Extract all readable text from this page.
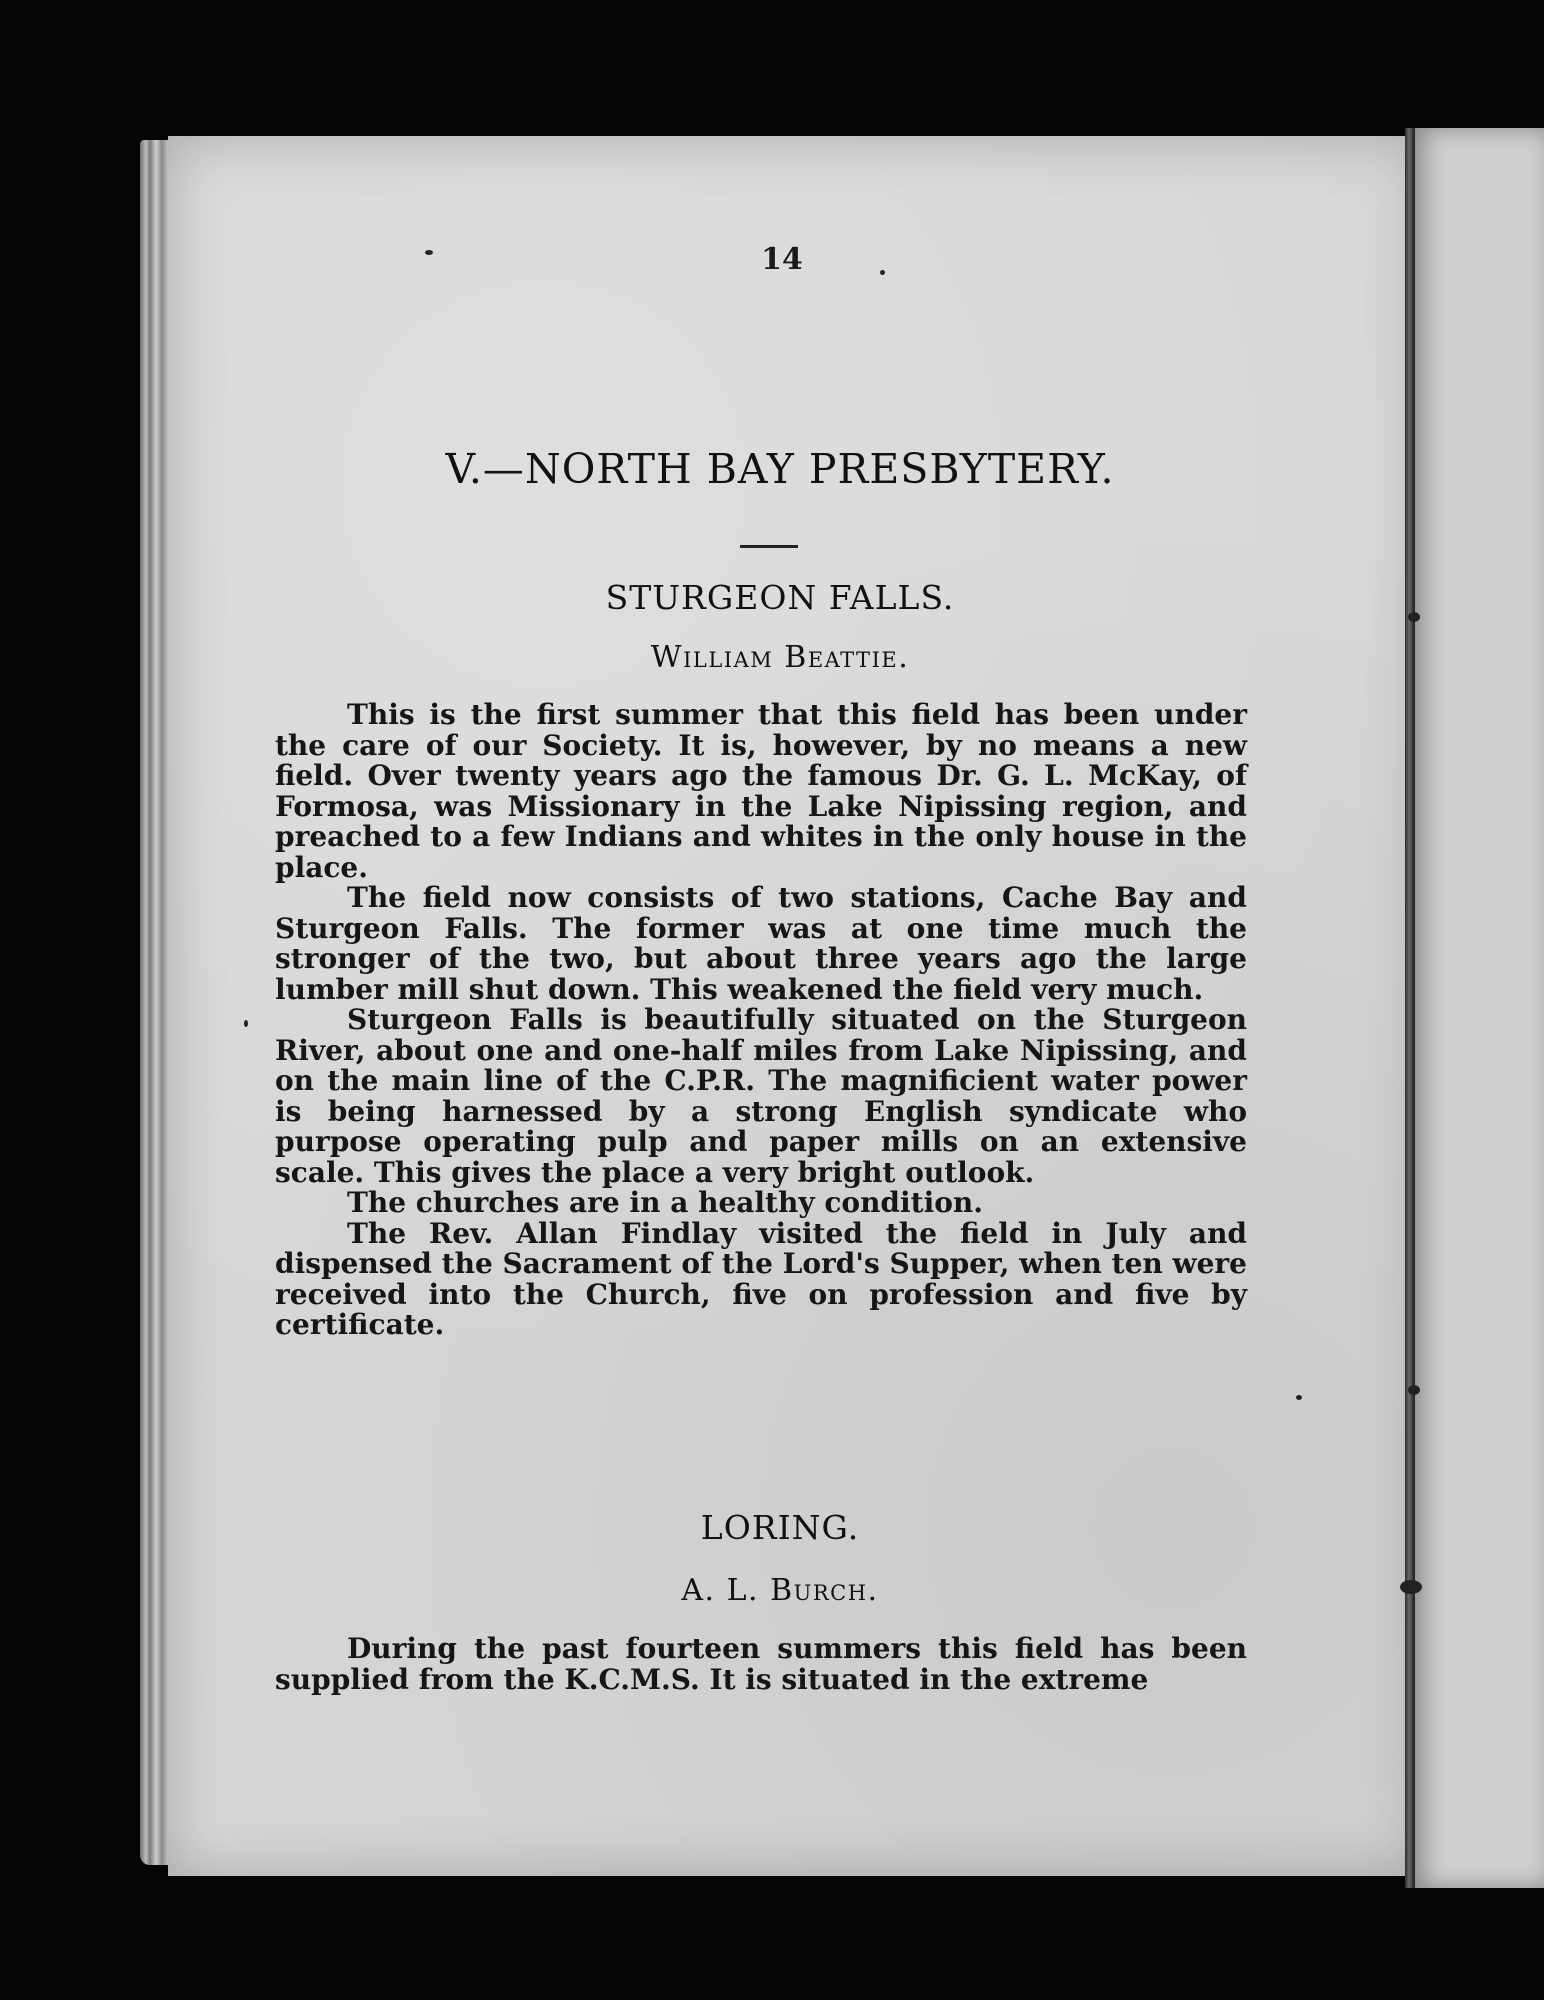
14
V.—NORTH BAY PRESBYTERY.
STURGEON FALLS.
William Beattie.

This is the first summer that this field has been under the care of our Society. It is, however, by no means a new field. Over twenty years ago the famous Dr. G. L. McKay, of Formosa, was Missionary in the Lake Nipissing region, and preached to a few Indians and whites in the only house in the place.

The field now consists of two stations, Cache Bay and Sturgeon Falls. The former was at one time much the stronger of the two, but about three years ago the large lumber mill shut down. This weakened the field very much.

Sturgeon Falls is beautifully situated on the Sturgeon River, about one and one-half miles from Lake Nipissing, and on the main line of the C.P.R. The magnificient water power is being harnessed by a strong English syndicate who purpose operating pulp and paper mills on an extensive scale. This gives the place a very bright outlook.

The churches are in a healthy condition.

The Rev. Allan Findlay visited the field in July and dispensed the Sacrament of the Lord's Supper, when ten were received into the Church, five on profession and five by certificate.

LORING.
A. L. Burch.

During the past fourteen summers this field has been supplied from the K.C.M.S. It is situated in the extreme
